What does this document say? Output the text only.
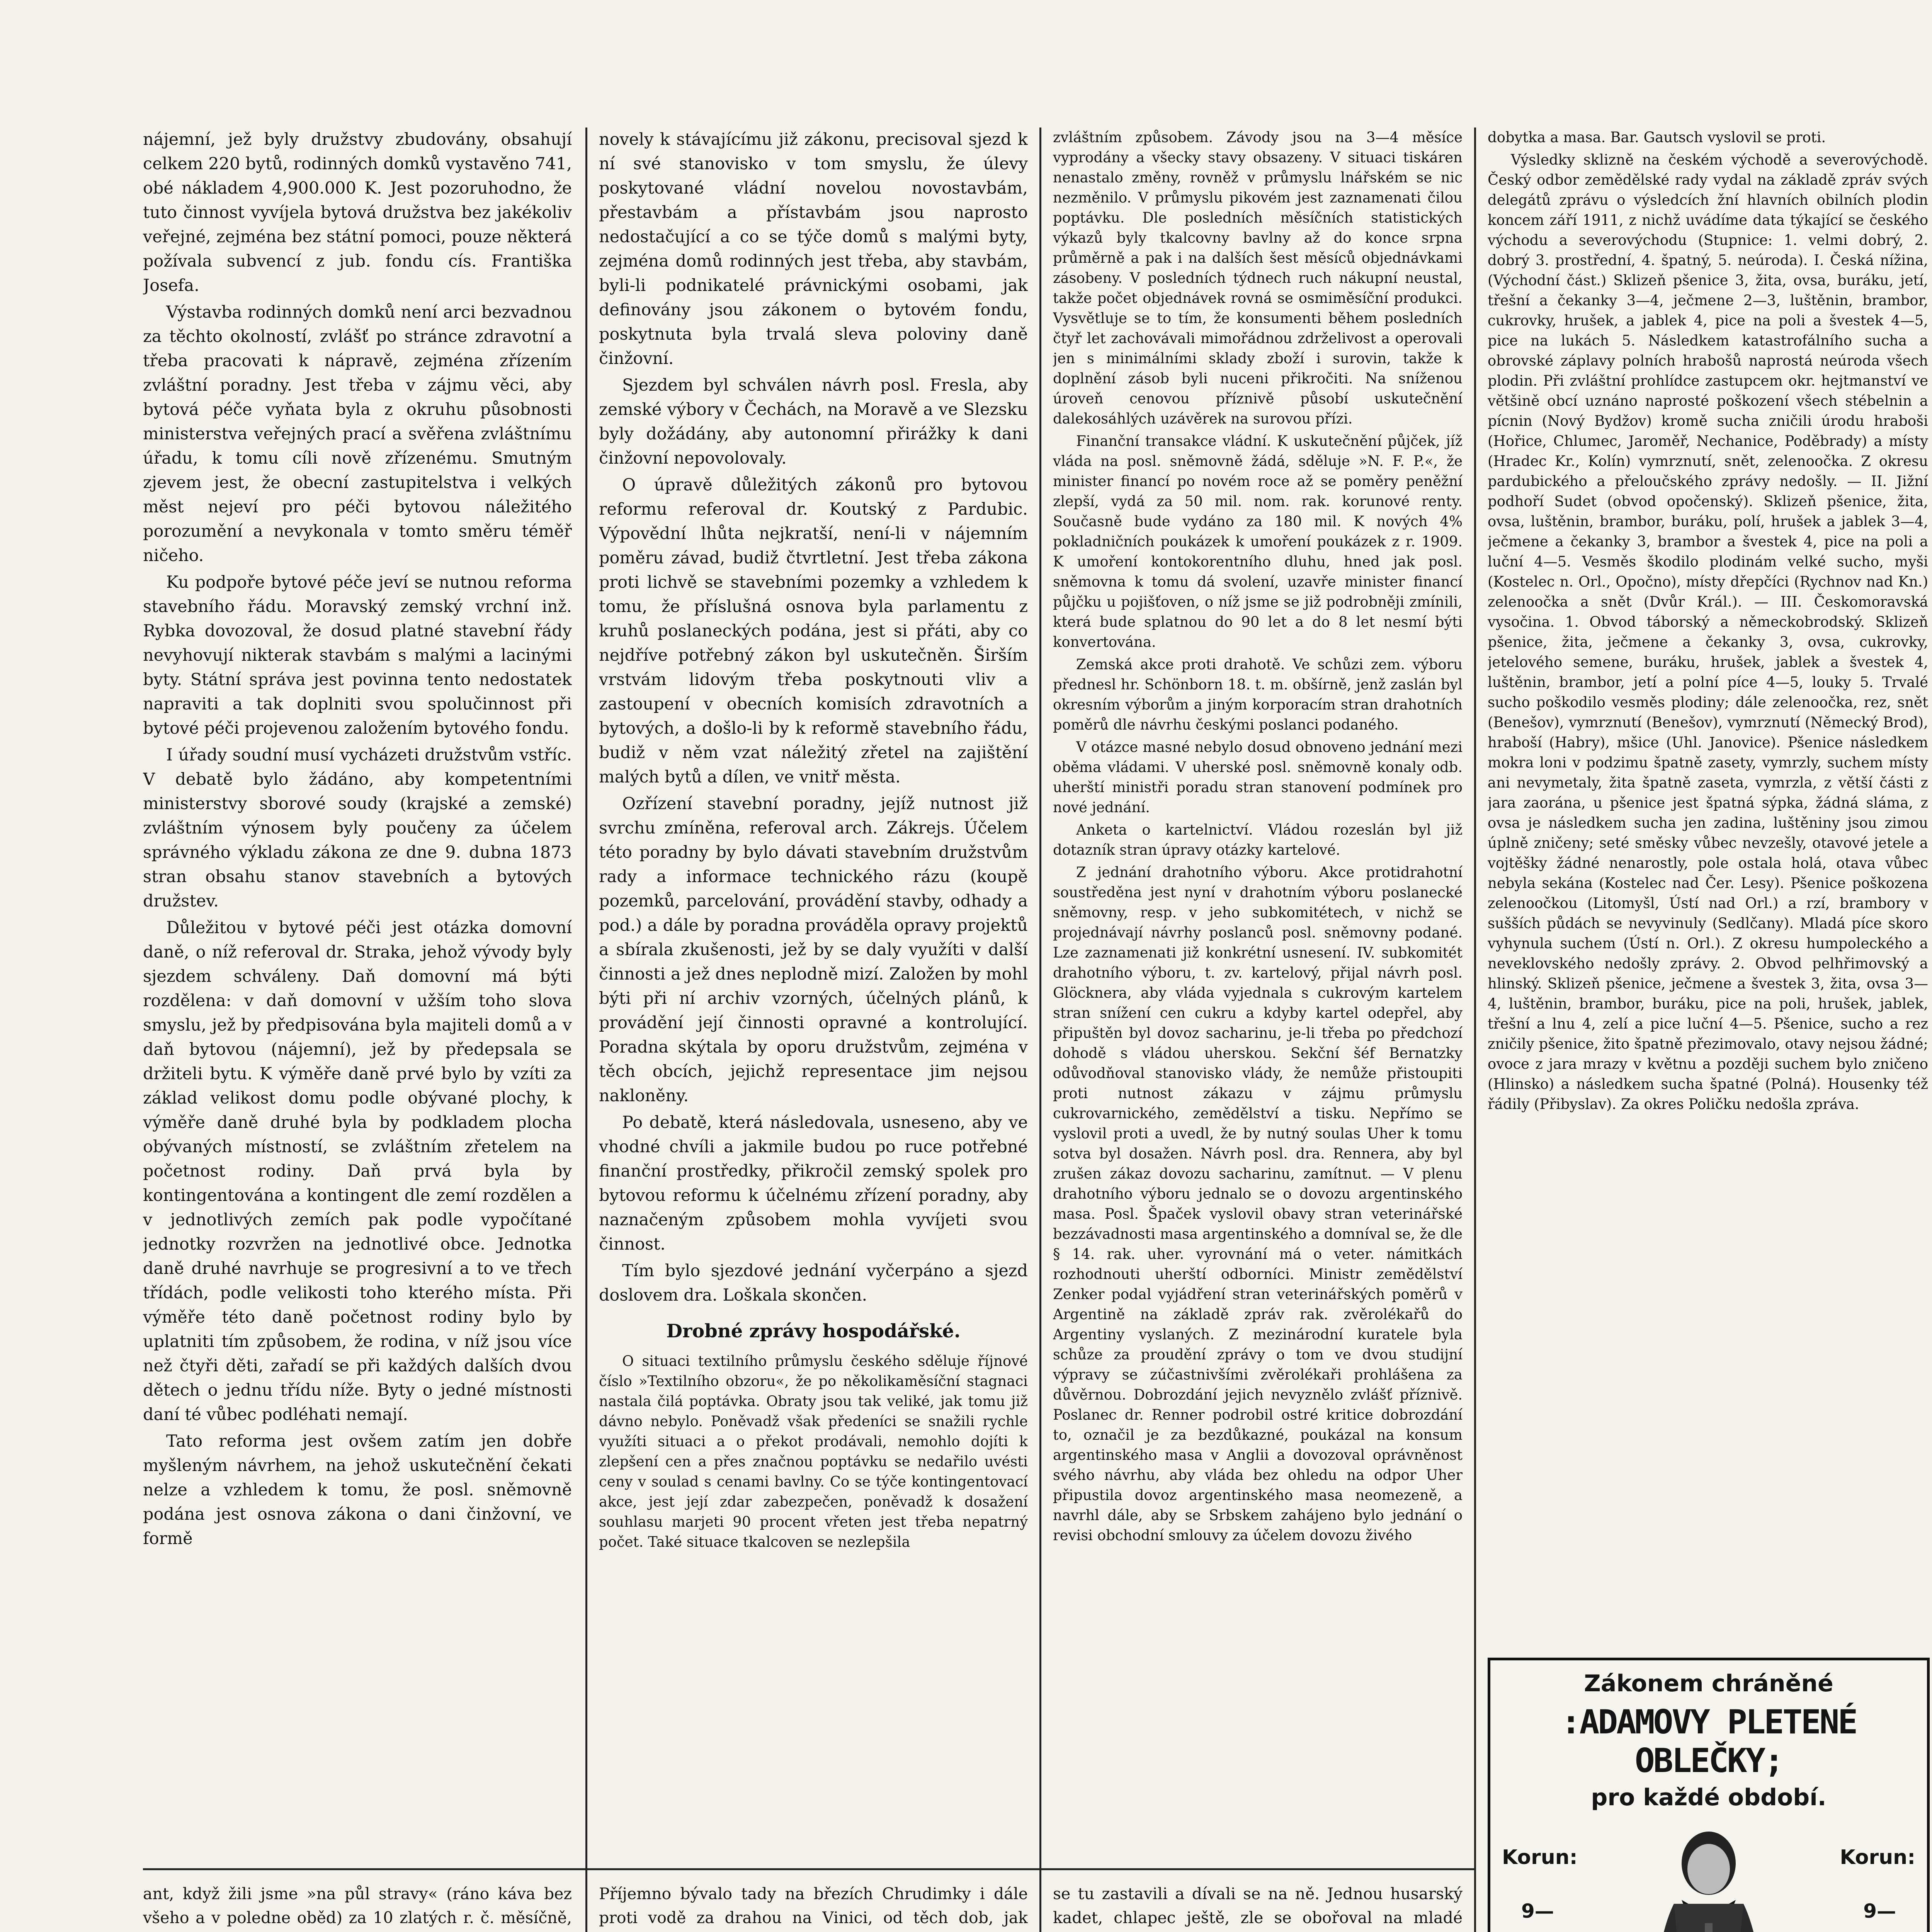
nájemní, jež byly družstvy zbudovány, obsahují celkem 220 bytů, rodinných domků vystavěno 741, obé nákladem 4,900.000 K. Jest pozoruhodno, že tuto činnost vyvíjela bytová družstva bez jakékoliv veřejné, zejména bez státní pomoci, pouze některá požívala subvencí z jub. fondu cís. Františka Josefa.

Výstavba rodinných domků není arci bezvadnou za těchto okolností, zvlášť po stránce zdravotní a třeba pracovati k nápravě, zejména zřízením zvláštní poradny. Jest třeba v zájmu věci, aby bytová péče vyňata byla z okruhu působnosti ministerstva veřejných prací a svěřena zvláštnímu úřadu, k tomu cíli nově zřízenému. Smutným zjevem jest, že obecní zastupitelstva i velkých měst nejeví pro péči bytovou náležitého porozumění a nevykonala v tomto směru téměř ničeho.

Ku podpoře bytové péče jeví se nutnou reforma stavebního řádu. Moravský zemský vrchní inž. Rybka dovozoval, že dosud platné stavební řády nevyhovují nikterak stavbám s malými a lacinými byty. Státní správa jest povinna tento nedostatek napraviti a tak doplniti svou spolučinnost při bytové péči projevenou založením bytového fondu.

I úřady soudní musí vycházeti družstvům vstříc. V debatě bylo žádáno, aby kompetentními ministerstvy sborové soudy (krajské a zemské) zvláštním výnosem byly poučeny za účelem správného výkladu zákona ze dne 9. dubna 1873 stran obsahu stanov stavebních a bytových družstev.

Důležitou v bytové péči jest otázka domovní daně, o níž referoval dr. Straka, jehož vývody byly sjezdem schváleny. Daň domovní má býti rozdělena: v daň domovní v užším toho slova smyslu, jež by předpisována byla majiteli domů a v daň bytovou (nájemní), jež by předepsala se držiteli bytu. K výměře daně prvé bylo by vzíti za základ velikost domu podle obývané plochy, k výměře daně druhé byla by podkladem plocha obývaných místností, se zvláštním zřetelem na početnost rodiny. Daň prvá byla by kontingentována a kontingent dle zemí rozdělen a v jednotlivých zemích pak podle vypočítané jednotky rozvržen na jednotlivé obce. Jednotka daně druhé navrhuje se progresivní a to ve třech třídách, podle velikosti toho kterého místa. Při výměře této daně početnost rodiny bylo by uplatniti tím způsobem, že rodina, v níž jsou více než čtyři děti, zařadí se při každých dalších dvou dětech o jednu třídu níže. Byty o jedné místnosti daní té vůbec podléhati nemají.

Tato reforma jest ovšem zatím jen dobře myšleným návrhem, na jehož uskutečnění čekati nelze a vzhledem k tomu, že posl. sněmovně podána jest osnova zákona o dani činžovní, ve formě

novely k stávajícímu již zákonu, precisoval sjezd k ní své stanovisko v tom smyslu, že úlevy poskytované vládní novelou novostavbám, přestavbám a přístavbám jsou naprosto nedostačující a co se týče domů s malými byty, zejména domů rodinných jest třeba, aby stavbám, byli-li podnikatelé právnickými osobami, jak definovány jsou zákonem o bytovém fondu, poskytnuta byla trvalá sleva poloviny daně činžovní.

Sjezdem byl schválen návrh posl. Fresla, aby zemské výbory v Čechách, na Moravě a ve Slezsku byly dožádány, aby autonomní přirážky k dani činžovní nepovolovaly.

O úpravě důležitých zákonů pro bytovou reformu referoval dr. Koutský z Pardubic. Výpovědní lhůta nejkratší, není-li v nájemním poměru závad, budiž čtvrtletní. Jest třeba zákona proti lichvě se stavebními pozemky a vzhledem k tomu, že příslušná osnova byla parlamentu z kruhů poslaneckých podána, jest si přáti, aby co nejdříve potřebný zákon byl uskutečněn. Širším vrstvám lidovým třeba poskytnouti vliv a zastoupení v obecních komisích zdravotních a bytových, a došlo-li by k reformě stavebního řádu, budiž v něm vzat náležitý zřetel na zajištění malých bytů a dílen, ve vnitř města.

Ozřízení stavební poradny, jejíž nutnost již svrchu zmíněna, referoval arch. Zákrejs. Účelem této poradny by bylo dávati stavebním družstvům rady a informace technického rázu (koupě pozemků, parcelování, provádění stavby, odhady a pod.) a dále by poradna prováděla opravy projektů a sbírala zkušenosti, jež by se daly využíti v další činnosti a jež dnes neplodně mizí. Založen by mohl býti při ní archiv vzorných, účelných plánů, k provádění její činnosti opravné a kontrolující. Poradna skýtala by oporu družstvům, zejména v těch obcích, jejichž representace jim nejsou nakloněny.

Po debatě, která následovala, usneseno, aby ve vhodné chvíli a jakmile budou po ruce potřebné finanční prostředky, přikročil zemský spolek pro bytovou reformu k účelnému zřízení poradny, aby naznačeným způsobem mohla vyvíjeti svou činnost.

Tím bylo sjezdové jednání vyčerpáno a sjezd doslovem dra. Loškala skončen.

Drobné zprávy hospodářské.

O situaci textilního průmyslu českého sděluje říjnové číslo »Textilního obzoru«, že po několikaměsíční stagnaci nastala čilá poptávka. Obraty jsou tak veliké, jak tomu již dávno nebylo. Poněvadž však předeníci se snažili rychle využíti situaci a o překot prodávali, nemohlo dojíti k zlepšení cen a přes značnou poptávku se nedařilo uvésti ceny v soulad s cenami bavlny. Co se týče kontingentovací akce, jest její zdar zabezpečen, poněvadž k dosažení souhlasu marjeti 90 procent vřeten jest třeba nepatrný počet. Také situace tkalcoven se nezlepšila

zvláštním způsobem. Závody jsou na 3—4 měsíce vyprodány a všecky stavy obsazeny. V situaci tiskáren nenastalo změny, rovněž v průmyslu lnářském se nic nezměnilo. V průmyslu pikovém jest zaznamenati čilou poptávku. Dle posledních měsíčních statistických výkazů byly tkalcovny bavlny až do konce srpna průměrně a pak i na dalších šest měsíců objednávkami zásobeny. V posledních týdnech ruch nákupní neustal, takže počet objednávek rovná se osmiměsíční produkci. Vysvětluje se to tím, že konsumenti během posledních čtyř let zachovávali mimořádnou zdrželivost a operovali jen s minimálními sklady zboží i surovin, takže k doplnění zásob byli nuceni přikročiti. Na sníženou úroveň cenovou příznivě působí uskutečnění dalekosáhlých uzávěrek na surovou přízi.

Finanční transakce vládní. K uskutečnění půjček, jíž vláda na posl. sněmovně žádá, sděluje »N. F. P.«, že minister financí po novém roce až se poměry peněžní zlepší, vydá za 50 mil. nom. rak. korunové renty. Současně bude vydáno za 180 mil. K nových 4% pokladničních poukázek k umoření poukázek z r. 1909. K umoření kontokorentního dluhu, hned jak posl. sněmovna k tomu dá svolení, uzavře minister financí půjčku u pojišťoven, o níž jsme se již podrobněji zmínili, která bude splatnou do 90 let a do 8 let nesmí býti konvertována.

Zemská akce proti drahotě. Ve schůzi zem. výboru přednesl hr. Schönborn 18. t. m. obšírně, jenž zaslán byl okresním výborům a jiným korporacím stran drahotních poměrů dle návrhu českými poslanci podaného.

V otázce masné nebylo dosud obnoveno jednání mezi oběma vládami. V uherské posl. sněmovně konaly odb. uherští ministři poradu stran stanovení podmínek pro nové jednání.

Anketa o kartelnictví. Vládou rozeslán byl již dotazník stran úpravy otázky kartelové.

Z jednání drahotního výboru. Akce protidrahotní soustředěna jest nyní v drahotním výboru poslanecké sněmovny, resp. v jeho subkomitétech, v nichž se projednávají návrhy poslanců posl. sněmovny podané. Lze zaznamenati již konkrétní usnesení. IV. subkomitét drahotního výboru, t. zv. kartelový, přijal návrh posl. Glöcknera, aby vláda vyjednala s cukrovým kartelem stran snížení cen cukru a kdyby kartel odepřel, aby připuštěn byl dovoz sacharinu, je-li třeba po předchozí dohodě s vládou uherskou. Sekční šéf Bernatzky odůvodňoval stanovisko vlády, že nemůže přistoupiti proti nutnost zákazu v zájmu průmyslu cukrovarnického, zemědělství a tisku. Nepřímo se vyslovil proti a uvedl, že by nutný soulas Uher k tomu sotva byl dosažen. Návrh posl. dra. Rennera, aby byl zrušen zákaz dovozu sacharinu, zamítnut. — V plenu drahotního výboru jednalo se o dovozu argentinského masa. Posl. Špaček vyslovil obavy stran veterinářské bezzávadnosti masa argentinského a domníval se, že dle § 14. rak. uher. vyrovnání má o veter. námitkách rozhodnouti uherští odborníci. Ministr zemědělství Zenker podal vyjádření stran veterinářských poměrů v Argentině na základě zpráv rak. zvěrolékařů do Argentiny vyslaných. Z mezinárodní kuratele byla schůze za proudění zprávy o tom ve dvou studijní výpravy se zúčastnivšími zvěrolékaři prohlášena za důvěrnou. Dobrozdání jejich nevyznělo zvlášť příznivě. Poslanec dr. Renner podrobil ostré kritice dobrozdání to, označil je za bezdůkazné, poukázal na konsum argentinského masa v Anglii a dovozoval oprávněnost svého návrhu, aby vláda bez ohledu na odpor Uher připustila dovoz argentinského masa neomezeně, a navrhl dále, aby se Srbskem zahájeno bylo jednání o revisi obchodní smlouvy za účelem dovozu živého

dobytka a masa. Bar. Gautsch vyslovil se proti.

Výsledky sklizně na českém východě a severovýchodě. Český odbor zemědělské rady vydal na základě zpráv svých delegátů zprávu o výsledcích žní hlavních obilních plodin koncem září 1911, z nichž uvádíme data týkající se českého východu a severovýchodu (Stupnice: 1. velmi dobrý, 2. dobrý 3. prostřední, 4. špatný, 5. neúroda). I. Česká nížina, (Východní část.) Sklizeň pšenice 3, žita, ovsa, buráku, jetí, třešní a čekanky 3—4, ječmene 2—3, luštěnin, brambor, cukrovky, hrušek, a jablek 4, pice na poli a švestek 4—5, pice na lukách 5. Následkem katastrofálního sucha a obrovské záplavy polních hrabošů naprostá neúroda všech plodin. Při zvláštní prohlídce zastupcem okr. hejtmanství ve většině obcí uznáno naprosté poškození všech stébelnin a pícnin (Nový Bydžov) kromě sucha zničili úrodu hraboši (Hořice, Chlumec, Jaroměř, Nechanice, Poděbrady) a místy (Hradec Kr., Kolín) vymrznutí, snět, zelenoočka. Z okresu pardubického a přeloučského zprávy nedošly. — II. Jižní podhoří Sudet (obvod opočenský). Sklizeň pšenice, žita, ovsa, luštěnin, brambor, buráku, polí, hrušek a jablek 3—4, ječmene a čekanky 3, brambor a švestek 4, pice na poli a luční 4—5. Vesměs škodilo plodinám velké sucho, myši (Kostelec n. Orl., Opočno), místy dřepčíci (Rychnov nad Kn.) zelenoočka a snět (Dvůr Král.). — III. Českomoravská vysočina. 1. Obvod táborský a německobrodský. Sklizeň pšenice, žita, ječmene a čekanky 3, ovsa, cukrovky, jetelového semene, buráku, hrušek, jablek a švestek 4, luštěnin, brambor, jetí a polní píce 4—5, louky 5. Trvalé sucho poškodilo vesměs plodiny; dále zelenoočka, rez, snět (Benešov), vymrznutí (Benešov), vymrznutí (Německý Brod), hraboší (Habry), mšice (Uhl. Janovice). Pšenice následkem mokra loni v podzimu špatně zasety, vymrzly, suchem místy ani nevymetaly, žita špatně zaseta, vymrzla, z větší části z jara zaorána, u pšenice jest špatná sýpka, žádná sláma, z ovsa je následkem sucha jen zadina, luštěniny jsou zimou úplně zničeny; seté směsky vůbec nevzešly, otavové jetele a vojtěšky žádné nenarostly, pole ostala holá, otava vůbec nebyla sekána (Kostelec nad Čer. Lesy). Pšenice poškozena zelenoočkou (Litomyšl, Ústí nad Orl.) a rzí, brambory v sušších půdách se nevyvinuly (Sedlčany). Mladá píce skoro vyhynula suchem (Ústí n. Orl.). Z okresu humpoleckého a neveklovského nedošly zprávy. 2. Obvod pelhřimovský a hlinský. Sklizeň pšenice, ječmene a švestek 3, žita, ovsa 3—4, luštěnin, brambor, buráku, pice na poli, hrušek, jablek, třešní a lnu 4, zelí a pice luční 4—5. Pšenice, sucho a rez zničily pšenice, žito špatně přezimovalo, otavy nejsou žádné; ovoce z jara mrazy v květnu a později suchem bylo zničeno (Hlinsko) a následkem sucha špatné (Polná). Housenky též řádily (Přibyslav). Za okres Poličku nedošla zpráva.

Zákonem chráněné
:ADAMOVY PLETENÉ OBLEČKY;
pro každé období.
Korun:	Korun:
9—	9—

ant, když žili jsme »na půl stravy« (ráno káva bez všeho a v poledne oběd) za 10 zlatých r. č. měsíčně,

Příjemno bývalo tady na březích Chrudimky i dále proti vodě za drahou na Vinici, od těch dob, jak

se tu zastavili a dívali se na ně. Jednou husarský kadet, chlapec ještě, zle se obořoval na mladé
